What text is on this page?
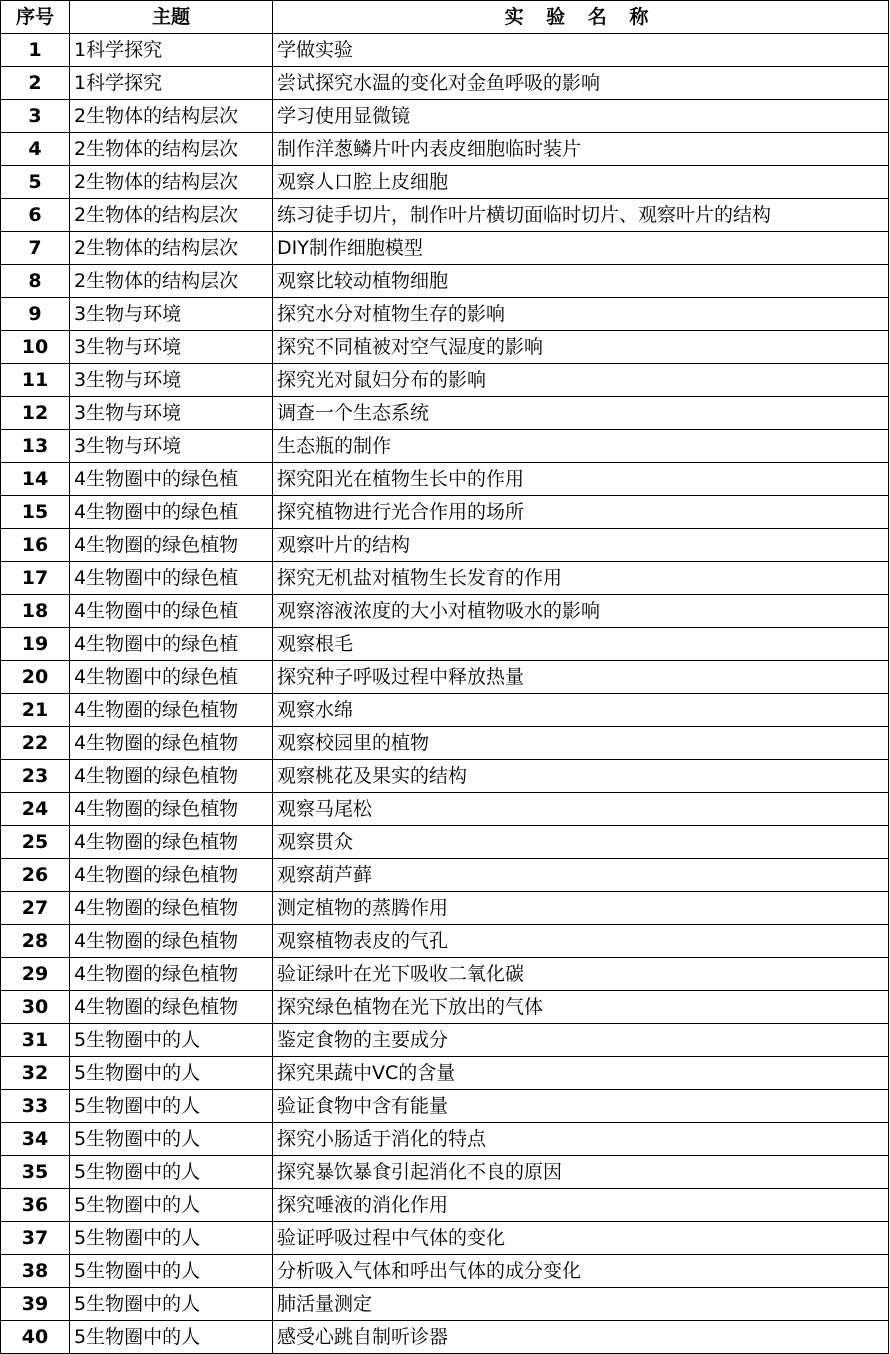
序号	主题	实 验 名 称
1	1科学探究	学做实验
2	1科学探究	尝试探究水温的变化对金鱼呼吸的影响
3	2生物体的结构层次	学习使用显微镜
4	2生物体的结构层次	制作洋葱鳞片叶内表皮细胞临时装片
5	2生物体的结构层次	观察人口腔上皮细胞
6	2生物体的结构层次	练习徒手切片，制作叶片横切面临时切片、观察叶片的结构
7	2生物体的结构层次	DIY制作细胞模型
8	2生物体的结构层次	观察比较动植物细胞
9	3生物与环境	探究水分对植物生存的影响
10	3生物与环境	探究不同植被对空气湿度的影响
11	3生物与环境	探究光对鼠妇分布的影响
12	3生物与环境	调查一个生态系统
13	3生物与环境	生态瓶的制作
14	4生物圈中的绿色植	探究阳光在植物生长中的作用
15	4生物圈中的绿色植	探究植物进行光合作用的场所
16	4生物圈的绿色植物	观察叶片的结构
17	4生物圈中的绿色植	探究无机盐对植物生长发育的作用
18	4生物圈中的绿色植	观察溶液浓度的大小对植物吸水的影响
19	4生物圈中的绿色植	观察根毛
20	4生物圈中的绿色植	探究种子呼吸过程中释放热量
21	4生物圈的绿色植物	观察水绵
22	4生物圈的绿色植物	观察校园里的植物
23	4生物圈的绿色植物	观察桃花及果实的结构
24	4生物圈的绿色植物	观察马尾松
25	4生物圈的绿色植物	观察贯众
26	4生物圈的绿色植物	观察葫芦藓
27	4生物圈的绿色植物	测定植物的蒸腾作用
28	4生物圈的绿色植物	观察植物表皮的气孔
29	4生物圈的绿色植物	验证绿叶在光下吸收二氧化碳
30	4生物圈的绿色植物	探究绿色植物在光下放出的气体
31	5生物圈中的人	鉴定食物的主要成分
32	5生物圈中的人	探究果蔬中VC的含量
33	5生物圈中的人	验证食物中含有能量
34	5生物圈中的人	探究小肠适于消化的特点
35	5生物圈中的人	探究暴饮暴食引起消化不良的原因
36	5生物圈中的人	探究唾液的消化作用
37	5生物圈中的人	验证呼吸过程中气体的变化
38	5生物圈中的人	分析吸入气体和呼出气体的成分变化
39	5生物圈中的人	肺活量测定
40	5生物圈中的人	感受心跳自制听诊器
